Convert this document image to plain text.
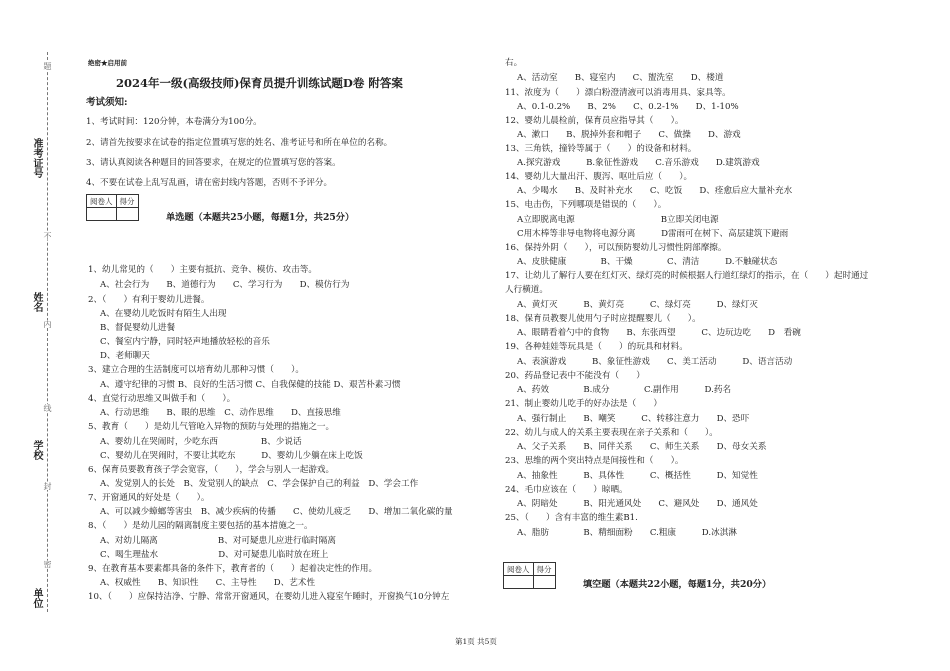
准考证号
姓名
学校
单位
题
不
内
线
封
密
绝密★启用前
2024年一级(高级技师)保育员提升训练试题D卷 附答案
考试须知:
1、考试时间：120分钟，本卷满分为100分。
2、请首先按要求在试卷的指定位置填写您的姓名、准考证号和所在单位的名称。
3、请认真阅读各种题目的回答要求，在规定的位置填写您的答案。
4、不要在试卷上乱写乱画，请在密封线内答题，否则不予评分。
阅卷人	得分

单选题（本题共25小题，每题1分，共25分）
1、幼儿常见的（　　）主要有抵抗、竞争、模仿、攻击等。
A、社会行为　　B、道德行为　　C、学习行为　　D、模仿行为
2、（　　）有利于婴幼儿进餐。
A、在婴幼儿吃饭时有陌生人出现
B、督促婴幼儿进餐
C、餐室内宁静，同时轻声地播放轻松的音乐
D、老师聊天
3、建立合理的生活制度可以培育幼儿那种习惯（　　）。
A、遵守纪律的习惯 B、良好的生活习惯 C、自我保健的技能 D、艰苦朴素习惯
4、直觉行动思维又叫做手和（　　）。
A、行动思维　　B、眼的思维　C、动作思维　　D、直接思维
5、教育（　　）是幼儿气管呛入异物的预防与处理的措施之一。
A、婴幼儿在哭闹时，少吃东西　　　　　B、少说话
C、婴幼儿在哭闹时，不要让其吃东　　　D、婴幼儿少躺在床上吃饭
6、保育员要教育孩子学会宽容，（　　），学会与别人一起游戏。
A、发觉别人的长处　B、发觉别人的缺点　C、学会保护自己的利益　D、学会工作
7、开窗通风的好处是（　　）。
A、可以减少蟑螂等害虫　B、减少疾病的传播　　C、使幼儿疲乏　　D、增加二氧化碳的量
8、（　　）是幼儿园的隔离制度主要包括的基本措施之一。
A、对幼儿隔离　　　　　　　B、对可疑患儿应进行临时隔离
C、喝生理盐水　　　　　　　D、对可疑患儿临时放在班上
9、在教育基本要素都具备的条件下，教育者的（　　）起着决定性的作用。
A、权威性　　B、知识性　　C、主导性　　D、艺术性
10、（　　）应保持洁净、宁静、常常开窗通风，在婴幼儿进入寝室午睡时，开窗换气10分钟左
右。
A、活动室　　B、寝室内　　C、盥洗室　　D、楼道
11、浓度为（　　）漂白粉澄清液可以消毒用具、家具等。
A、0.1-0.2%　　B、2%　　C、0.2-1%　　D、1-10%
12、婴幼儿晨检前，保育员应指导其（　　）。
A、漱口　　B、脱掉外套和帽子　　C、做操　　D、游戏
13、三角铁，撞铃等属于（　　）的设备和材料。
A.探究游戏　　　B.象征性游戏　　C.音乐游戏　　D.建筑游戏
14、婴幼儿大量出汗、腹泻、呕吐后应（　　）。
A、少喝水　　B、及时补充水　　C、吃饭　　D、痊愈后应大量补充水
15、电击伤，下列哪项是错误的（　　）。
A立即脱离电源　　　　　　　　　　B立即关闭电源
C用木棒等非导电物将电源分离　　　D雷雨可在树下、高层建筑下避雨
16、保持外阴（　　），可以预防婴幼儿习惯性阴部摩擦。
A、皮肤健康　　　　B、干燥　　　　C、清洁　　　D.不触碰状态
17、让幼儿了解行人要在红灯灭、绿灯亮的时候根据人行道红绿灯的指示，在（　　）起时通过
人行横道。
A、黄灯灭　　　B、黄灯亮　　　C、绿灯亮　　　D、绿灯灭
18、保育员教婴儿使用勺子时应提醒婴儿（　　）。
A、眼睛看着勺中的食物　　B、东张西望　　　C、边玩边吃　　D　看碗
19、各种娃娃等玩具是（　　）的玩具和材料。
A、表演游戏　　　B、象征性游戏　　C、美工活动　　　D、语言活动
20、药品登记表中不能没有（　　）
A、药效　　　　B.成分　　　　C.副作用　　　D.药名
21、制止婴幼儿吃手的好办法是（　　）
A、强行制止　　B、嘲笑　　　C、转移注意力　　D、恐吓
22、幼儿与成人的关系主要表现在亲子关系和（　　）。
A、父子关系　　B、同伴关系　　C、师生关系　　D、母女关系
23、思维的两个突出特点是间接性和（　　）。
A、抽象性　　　B、具体性　　　C、概括性　　　D、知觉性
24、毛巾应该在（　　）晾晒。
A、阴暗处　　　B、阳光通风处　　C、避风处　　D、通风处
25、（　　）含有丰富的维生素B1.
A、脂肪　　　　B、精细面粉　　C.粗康　　　D.冰淇淋
阅卷人	得分

填空题（本题共22小题，每题1分，共20分）
第1页 共5页
